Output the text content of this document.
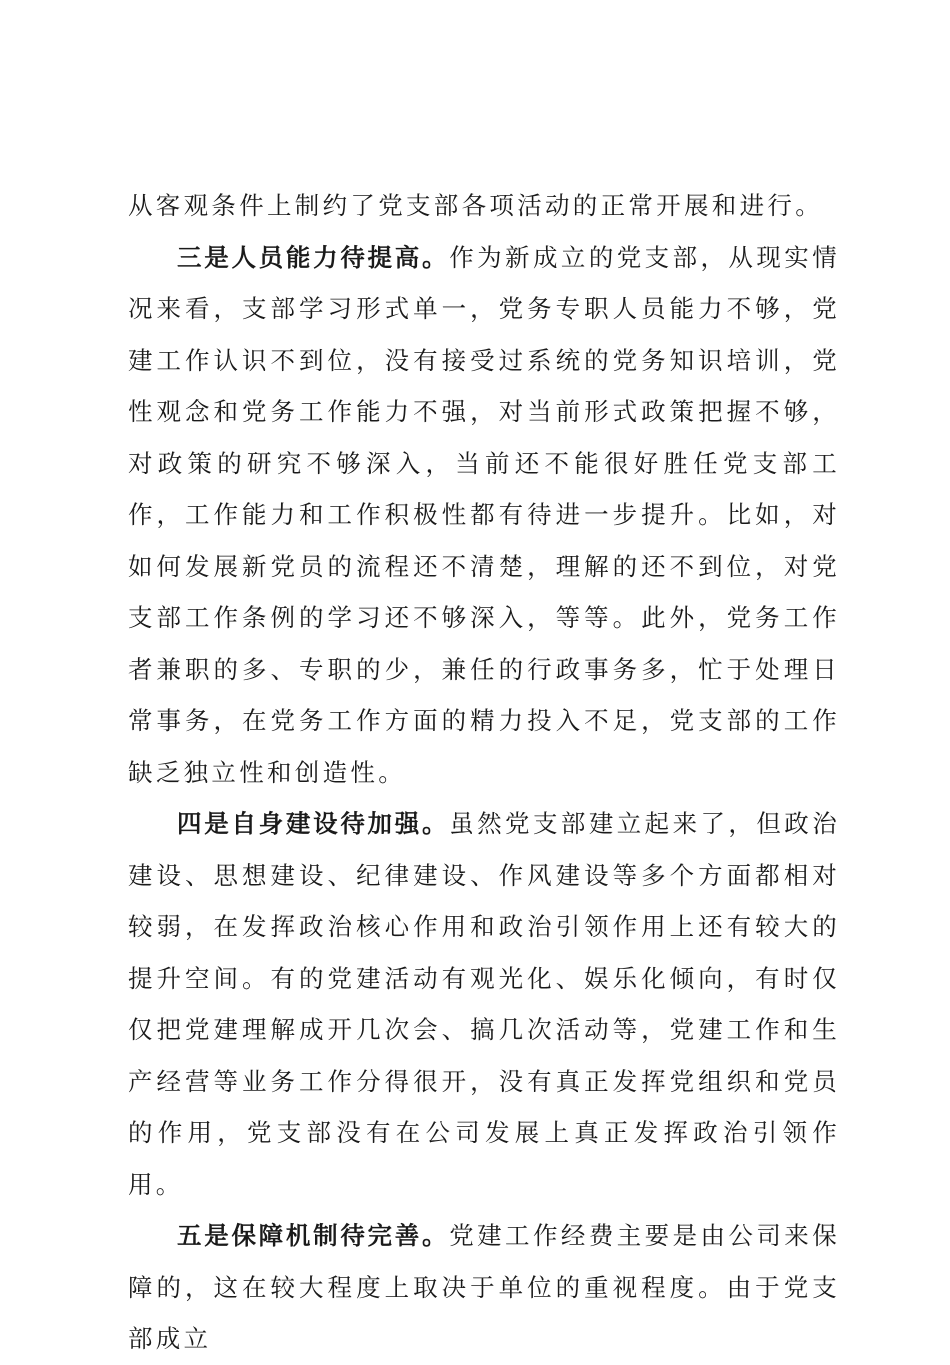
从客观条件上制约了党支部各项活动的正常开展和进行。

三是人员能力待提高。作为新成立的党支部，从现实情况来看，支部学习形式单一，党务专职人员能力不够，党建工作认识不到位，没有接受过系统的党务知识培训，党性观念和党务工作能力不强，对当前形式政策把握不够，对政策的研究不够深入，当前还不能很好胜任党支部工作，工作能力和工作积极性都有待进一步提升。比如，对如何发展新党员的流程还不清楚，理解的还不到位，对党支部工作条例的学习还不够深入，等等。此外，党务工作者兼职的多、专职的少，兼任的行政事务多，忙于处理日常事务，在党务工作方面的精力投入不足，党支部的工作缺乏独立性和创造性。

四是自身建设待加强。虽然党支部建立起来了，但政治建设、思想建设、纪律建设、作风建设等多个方面都相对较弱，在发挥政治核心作用和政治引领作用上还有较大的提升空间。有的党建活动有观光化、娱乐化倾向，有时仅仅把党建理解成开几次会、搞几次活动等，党建工作和生产经营等业务工作分得很开，没有真正发挥党组织和党员的作用，党支部没有在公司发展上真正发挥政治引领作用。

五是保障机制待完善。党建工作经费主要是由公司来保障的，这在较大程度上取决于单位的重视程度。由于党支部成立
